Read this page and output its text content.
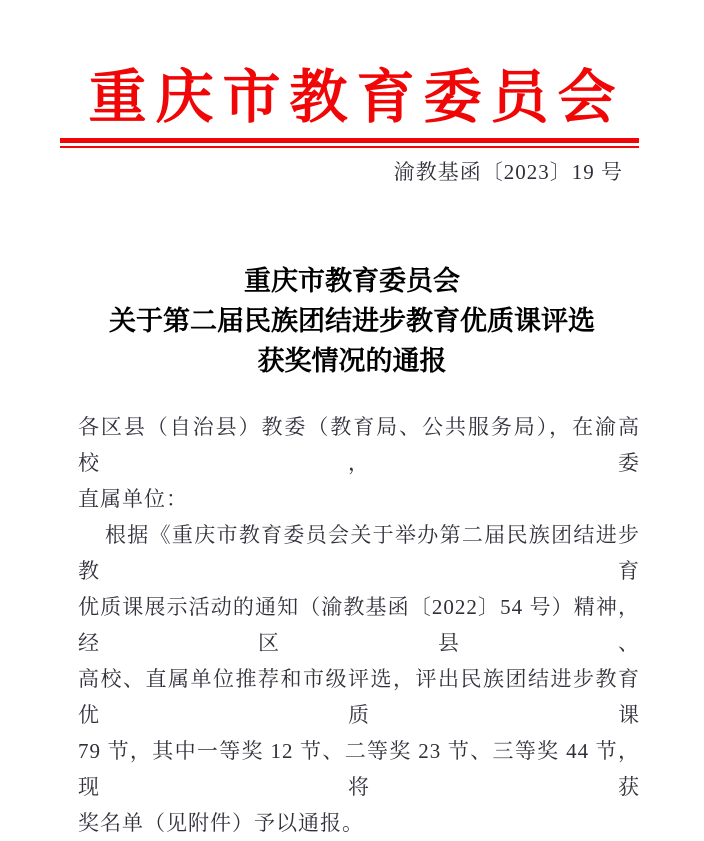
重庆市教育委员会
渝教基函〔2023〕19 号
重庆市教育委员会
关于第二届民族团结进步教育优质课评选
获奖情况的通报
各区县（自治县）教委（教育局、公共服务局），在渝高校，委
直属单位：
根据《重庆市教育委员会关于举办第二届民族团结进步教育
优质课展示活动的通知（渝教基函〔2022〕54 号）精神，经区县、
高校、直属单位推荐和市级评选，评出民族团结进步教育优质课
79 节，其中一等奖 12 节、二等奖 23 节、三等奖 44 节，现将获
奖名单（见附件）予以通报。
